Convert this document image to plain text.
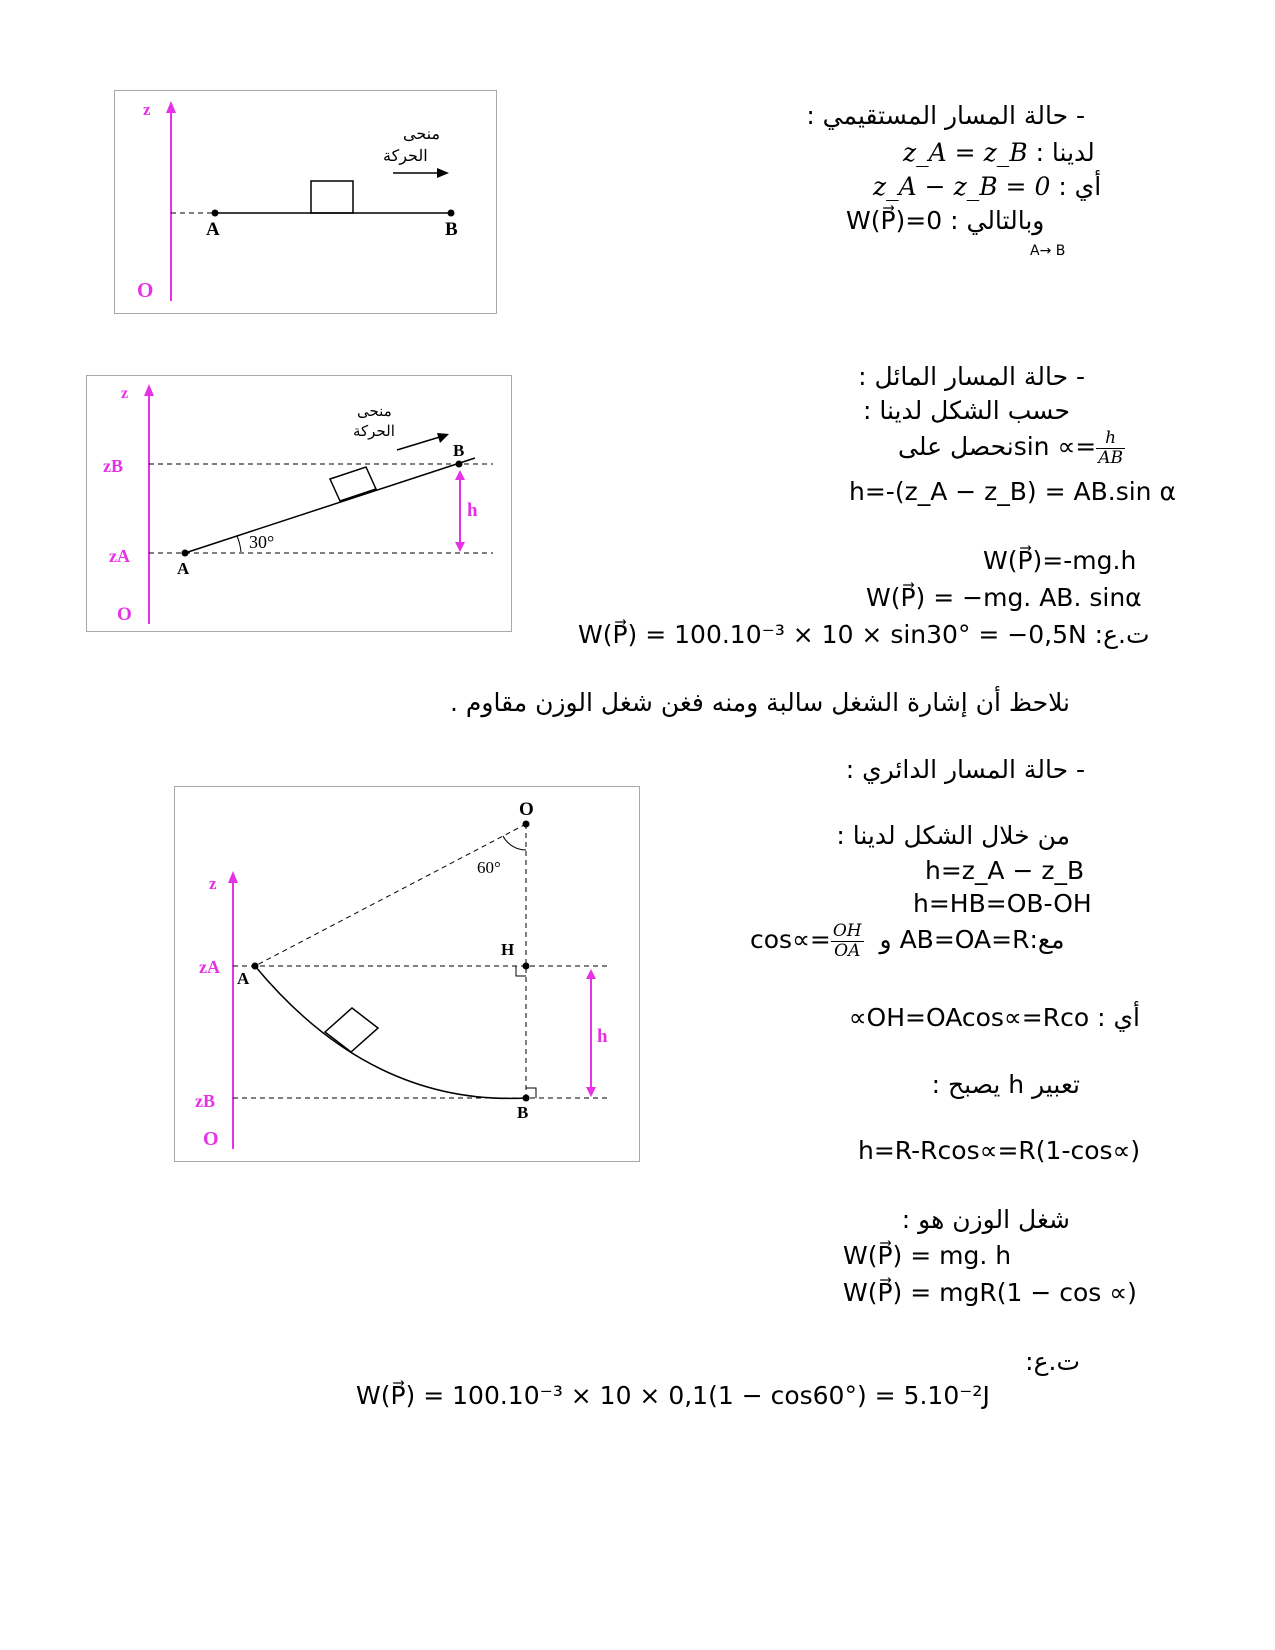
z
O
A	B
منحى
الحركة
- حالة المسار المستقيمي :
z_A = z_B لدينا :
z_A − z_B = 0 أي :
W(P⃗)=0 وبالتالي :
A→ B
z
zB
zA
O
A
B
30°
h
منحى
الحركة
- حالة المسار المائل :
حسب الشكل لدينا :
نحصل علىsin ∝= $\frac{h}{AB}$
h=-(z_A − z_B) = AB.sin α
W(P⃗)=-mg.h
W(P⃗) = −mg. AB. sinα
W(P⃗) = 100.10⁻³ × 10 × sin30° = −0,5N ت.ع:
نلاحظ أن إشارة الشغل سالبة ومنه فغن شغل الوزن مقاوم .
z
zA
zB
O
O
A
H
B
60°
h
- حالة المسار الدائري :
من خلال الشكل لدينا :
h=z_A − z_B
h=HB=OB-OH
$\cos\propto= \frac{OH}{OA}$ مع:AB=OA=R و
أي : OH=OAcos∝=Rco∝
تعبير h يصبح :
h=R-Rcos∝=R(1-cos∝)
شغل الوزن هو :
W(P⃗) = mg. h
W(P⃗) = mgR(1 − cos ∝)
ت.ع:
W(P⃗) = 100.10⁻³ × 10 × 0,1(1 − cos60°) = 5.10⁻²J
